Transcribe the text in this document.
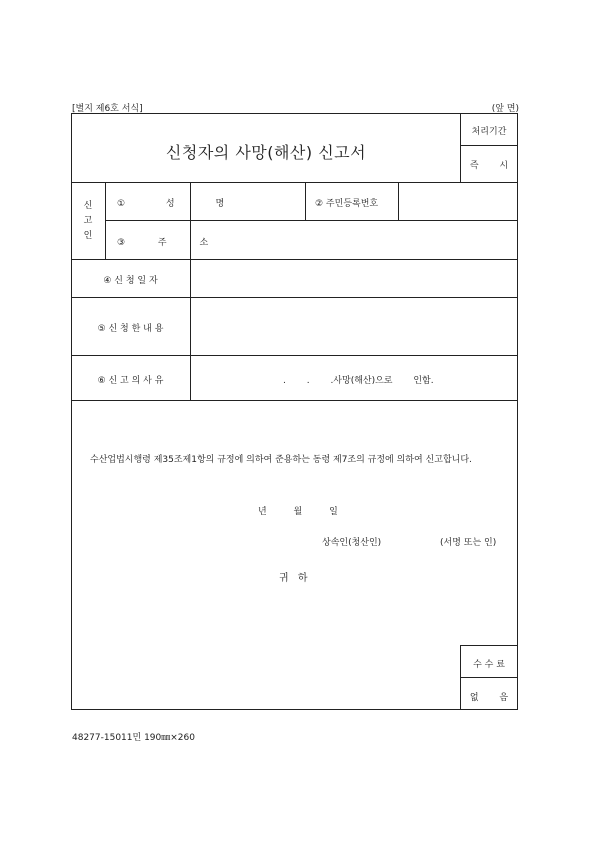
[별지 제6호 서식]	(앞 면)
신청자의 사망(해산) 신고서
처리기간
즉 시
신
고
인
① 성 명	② 주민등록번호
③ 주 소
④ 신 청 일 자
⑤ 신 청 한 내 용
⑥ 신 고 의 사 유	. . .사망(해산)으로 인함.
수산업법시행령 제35조제1항의 규정에 의하여 준용하는 동령 제7조의 규정에 의하여 신고합니다.
년 월 일
상속인(청산인)	(서명 또는 인)
귀 하
수 수 료
없 음
48277-15011민 190㎜×260
